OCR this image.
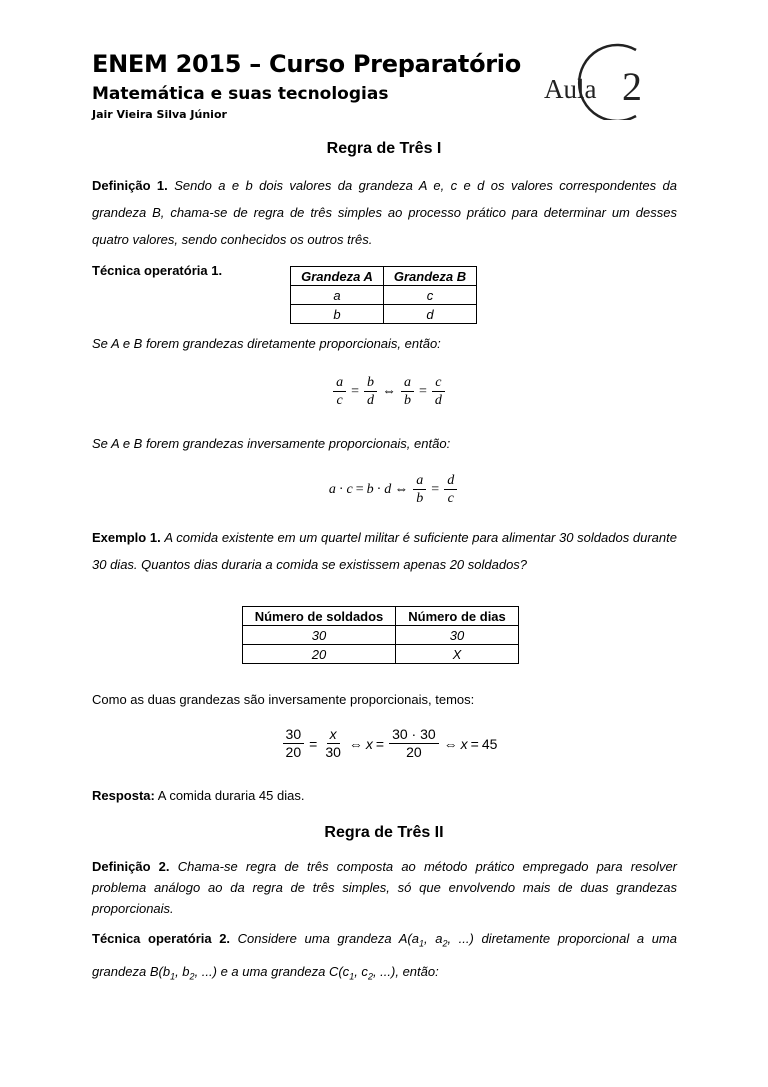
ENEM 2015 – Curso Preparatório
Matemática e suas tecnologias
Jair Vieira Silva Júnior
Aula 2
Regra de Três I
Definição 1. Sendo a e b dois valores da grandeza A e, c e d os valores correspondentes da grandeza B, chama-se de regra de três simples ao processo prático para determinar um desses quatro valores, sendo conhecidos os outros três.
Técnica operatória 1.	Grandeza A	Grandeza B
a	c
b	d
Se A e B forem grandezas diretamente proporcionais, então:
$\frac{a}{c} = \frac{b}{d}$ ⇔ $\frac{a}{b} = \frac{c}{d}$
Se A e B forem grandezas inversamente proporcionais, então:
a · c = b · d ⇔ $\frac{a}{b} = \frac{d}{c}$
Exemplo 1. A comida existente em um quartel militar é suficiente para alimentar 30 soldados durante 30 dias. Quantos dias duraria a comida se existissem apenas 20 soldados?
Número de soldados	Número de dias
30	30
20	X
Como as duas grandezas são inversamente proporcionais, temos:
$\frac{30}{20} = \frac{x}{30}$ ⇔ $x = \frac{30 \cdot 30}{20}$ ⇔ x = 45
Resposta: A comida duraria 45 dias.
Regra de Três II
Definição 2. Chama-se regra de três composta ao método prático empregado para resolver problema análogo ao da regra de três simples, só que envolvendo mais de duas grandezas proporcionais.
Técnica operatória 2. Considere uma grandeza $A(a_1$, $a_2$, ...) diretamente proporcional a uma grandeza $B(b_1$, $b_2$, ...) e a uma grandeza $C(c_1$, $c_2$, ...), então:
